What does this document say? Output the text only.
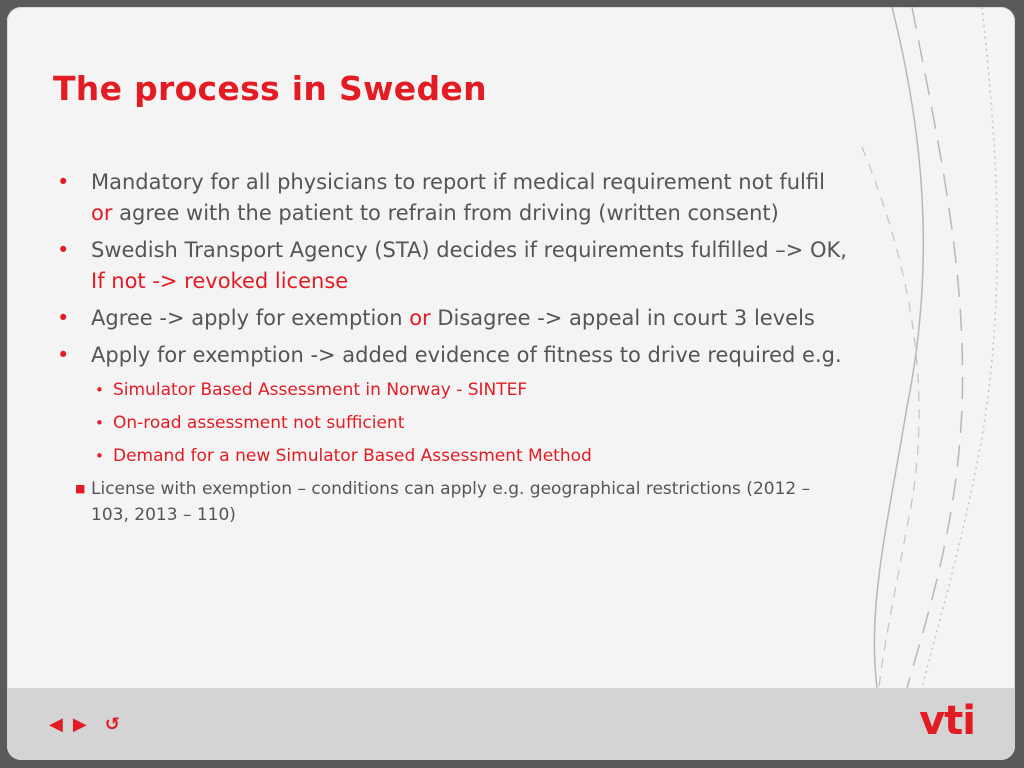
The process in Sweden

• Mandatory for all physicians to report if medical requirement not fulfil or agree with the patient to refrain from driving (written consent)

• Swedish Transport Agency (STA) decides if requirements fulfilled –> OK, If not -> revoked license

• Agree -> apply for exemption or Disagree -> appeal in court 3 levels

• Apply for exemption -> added evidence of fitness to drive required e.g.

• Simulator Based Assessment in Norway - SINTEF

• On-road assessment not sufficient

• Demand for a new Simulator Based Assessment Method

■ License with exemption – conditions can apply e.g. geographical restrictions (2012 – 103, 2013 – 110)

◀ ▶ ↺	vti
